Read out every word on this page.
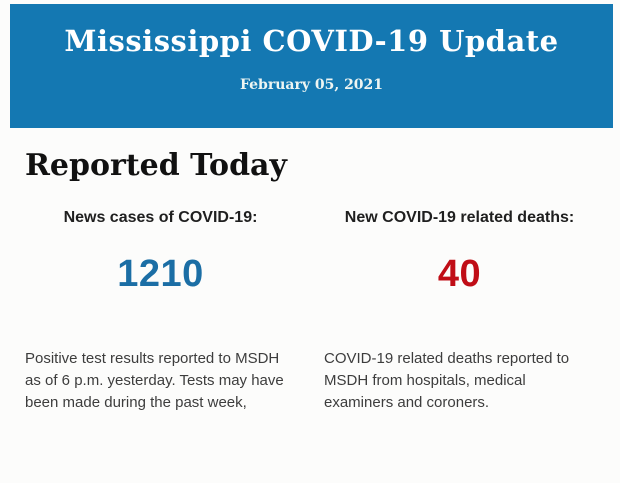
Mississippi COVID-19 Update
February 05, 2021
Reported Today
News cases of COVID-19:
1210

Positive test results reported to MSDH as of 6 p.m. yesterday. Tests may have been made during the past week,

New COVID-19 related deaths:
40

COVID-19 related deaths reported to MSDH from hospitals, medical examiners and coroners.
